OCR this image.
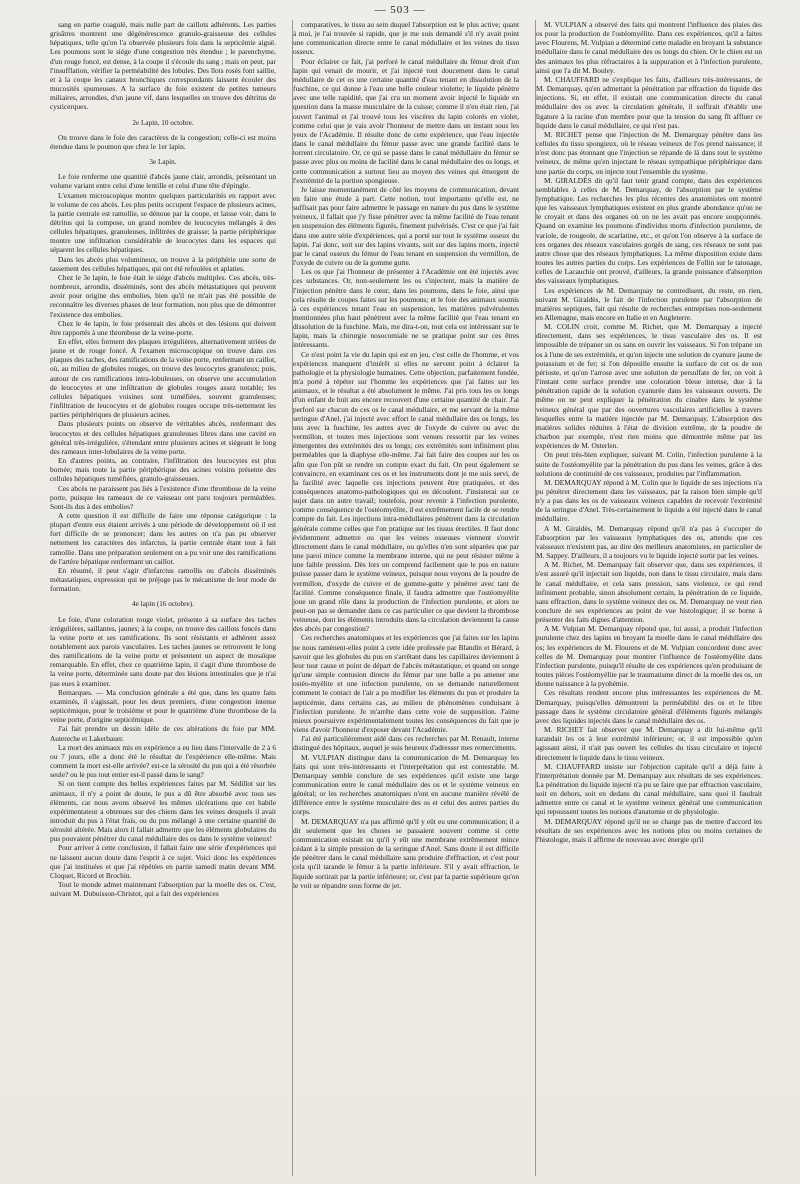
— 503 —

sang en partie coagulé, mais nulle part de caillots adhérents. Les parties grisâtres montrent une dégénérescence granulo-graisseuse des cellules hépatiques, telle qu'on l'a observée plusieurs fois dans la septicémie aiguë. Les poumons sont le siége d'une congestion très étendue ; le parenchyme, d'un rouge foncé, est dense, à la coupe il s'écoule du sang ; mais on peut, par l'insufflation, vérifier la perméabilité des lobules. Des îlots rosés font saillie, et à la coupe les canaux bronchiques correspondants laissent écouler des mucosités spumeuses. A la surface du foie existent de petites tumeurs miliaires, arrondies, d'un jaune vif, dans lesquelles on trouve des détritus de cysticerques.

2e Lapin, 10 octobre.

On trouve dans le foie des caractères de la congestion; celle-ci est moins étendue dans le poumon que chez le 1er lapin.

3e Lapin.

Le foie renferme une quantité d'abcès jaune clair, arrondis, présentant un volume variant entre celui d'une lentille et celui d'une tête d'épingle.

L'examen microscopique montre quelques particularités en rapport avec le volume de ces abcès. Les plus petits occupent l'espace de plusieurs acines, la partie centrale est ramollie, se dénoue par la coupe, et laisse voir, dans le détritus qui la compose, un grand nombre de leucocytes mélangés à des cellules hépatiques, granuleuses, infiltrées de graisse; la partie périphérique montre une infiltration considérable de leucocytes dans les espaces qui séparent les cellules hépatiques.

Dans les abcès plus volumineux, on trouve à la périphérie une sorte de tassement des cellules hépatiques, qui ont été refoulées et aplaties.

Chez le 3e lapin, le foie était le siége d'abcès multiples. Ces abcès, très-nombreux, arrondis, disséminés, sont des abcès métastatiques qui peuvent avoir pour origine des embolies, bien qu'il ne m'ait pas été possible de reconnaître les diverses phases de leur formation, non plus que de démontrer l'existence des embolies.

Chez le 4e lapin, le foie présentait des abcès et des lésions qui doivent être rapportés à une thrombose de la veine-porte.

En effet, elles forment des plaques irrégulières, alternativement striées de jaune et de rouge foncé. A l'examen microscopique on trouve dans ces plaques des taches, des ramifications de la veine porte, renfermant un caillot, où, au milieu de globules rouges, on trouve des leucocytes granuleux; puis, autour de ces ramifications intra-lobuleuses, on observe une accumulation de leucocytes et une infiltration de globules rouges assez notable; les cellules hépatiques voisines sont tuméfiées, souvent granuleuses; l'infiltration de leucocytes et de globules rouges occupe très-nettement les parties périphériques de plusieurs acines.

Dans plusieurs points on observe de véritables abcès, renfermant des leucocytes et des cellules hépatiques granuleuses libres dans une cavité en général très-irrégulière, s'étendant entre plusieurs acines et siégeant le long des rameaux inter-lobulaires de la veine porte.

En d'autres points, au contraire, l'infiltration des leucocytes est plus bornée; mais toute la partie périphérique des acines voisins présente des cellules hépatiques tuméfiées, granulo-graisseuses.

Ces abcès ne paraissent pas liés à l'existence d'une thrombose de la veine porte, puisque les rameaux de ce vaisseau ont paru toujours perméables. Sont-ils dus à des embolies?

A cette question il est difficile de faire une réponse catégorique : la plupart d'entre eux étaient arrivés à une période de développement où il est fort difficile de se prononcer; dans les autres on n'a pas pu observer nettement les caractères des infarctus, la partie centrale étant tout à fait ramollie. Dans une préparation seulement on a pu voir une des ramifications de l'artère hépatique renfermant un caillot.

En résumé, il peut s'agir d'infarctus ramollis ou d'abcès disséminés métastatiques, expression qui ne préjuge pas le mécanisme de leur mode de formation.

4e lapin (16 octobre).

Le foie, d'une coloration rouge violet, présente à sa surface des taches irrégulières, saillantes, jaunes; à la coupe, on trouve des caillots foncés dans la veine porte et ses ramifications. Ils sont résistants et adhèrent assez notablement aux parois vasculaires. Les taches jaunes se retrouvent le long des ramifications de la veine porte et présentent un aspect de mosaïque remarquable. En effet, chez ce quatrième lapin, il s'agit d'une thrombose de la veine porte, déterminée sans doute par des lésions intestinales que je n'ai pas eues à examiner.

Remarques. — Ma conclusion générale a été que, dans les quatre faits examinés, il s'agissait, pour les deux premiers, d'une congestion intense septicémique, pour le troisième et pour le quatrième d'une thrombose de la veine porte, d'origine septicémique.

J'ai fait prendre un dessin idèle de ces altérations du foie par MM. Autereche et Lakerbauer.

La mort des animaux mis en expérience a eu lieu dans l'intervalle de 2 à 6 ou 7 jours, elle a donc été le résultat de l'expérience elle-même. Mais comment la mort est-elle arrivée? est-ce la sérosité du pus qui a été résorbée seule? ou le pus tout entier est-il passé dans le sang?

Si on tient compte des belles expériences faites par M. Sédillot sur les animaux, il n'y a point de doute, le pus a dû être absorbé avec tous ses éléments, car nous avons observé les mêmes ulcérations que cet habile expérimentateur a obtenues sur des chiens dans les veines desquels il avait introduit du pus à l'état frais, ou du pus mélangé à une certaine quantité de sérosité altérée. Mais alors il fallait admettre que les éléments globulaires du pus pouvaient pénétrer du canal médullaire des os dans le système veineux!

Pour arriver à cette conclusion, il fallait faire une série d'expériences qui ne laissent aucun doute dans l'esprit à ce sujet. Voici donc les expériences que j'ai instituées et que j'ai répétées en partie samedi matin devant MM. Cloquet, Ricord et Brochin.

Tout le monde admet maintenant l'absorption par la moelle des os. C'est, suivant M. Dubuisson-Christot, qui a fait des expériences

comparatives, le tissu au sein duquel l'absorption est le plus active; quant à moi, je l'ai trouvée si rapide, que je me suis demandé s'il n'y avait point une communication directe entre le canal médullaire et les veines du tissu osseux.

Pour éclairer ce fait, j'ai perforé le canal médullaire du fémur droit d'un lapin qui venait de mourir, et j'ai injecté tout doucement dans le canal médullaire de cet os une certaine quantité d'eau tenant en dissolution de la fuschine, ce qui donne à l'eau une belle couleur violette; le liquide pénètre avec une telle rapidité, que j'ai cru un moment avoir injecté le liquide en question dans la masse musculaire de la cuisse; comme il n'en était rien, j'ai ouvert l'animal et j'ai trouvé tous les viscères du lapin colorés en violet, comme celui que je vais avoir l'honneur de mettre dans un instant sous les yeux de l'Académie. Il résulte donc de cette expérience, que l'eau injectée dans le canal médullaire du fémur passe avec une grande facilité dans le torrent circulatoire. Or, ce qui se passe dans le canal médullaire du fémur se passe avec plus ou moins de facilité dans le canal médullaire des os longs, et cette communication a surtout lieu au moyen des veines qui émergent de l'extrémité de la portion spongieuse.

Je laisse momentanément de côté les moyens de communication, devant en faire une étude à part. Cette notion, tout importante qu'elle est, ne suffisait pas pour faire admettre le passage en nature du pus dans le système veineux, il fallait que j'y fisse pénétrer avec la même facilité de l'eau tenant en suspension des éléments figurés, finement pulvérisés. C'est ce que j'ai fait dans une autre série d'expériences, qui a porté sur tout le système osseux du lapin. J'ai donc, soit sur des lapins vivants, soit sur des lapins morts, injecté par le canal osseux du fémur de l'eau tenant en suspension du vermillon, de l'oxyde de cuivre ou de la gomme gutte.

Les os que j'ai l'honneur de présenter à l'Académie ont été injectés avec ces substances. Or, non-seulement les os s'injectent, mais la matière de l'injection pénètre dans le cœur, dans les poumons, dans le foie, ainsi que cela résulte de coupes faites sur les poumons; et le foie des animaux soumis à ces expériences tenant l'eau en suspension, les matières pulvérulentes mentionnées plus haut pénètrent avec la même facilité que l'eau tenant en dissolution de la fuschine. Mais, me dira-t-on, tout cela est intéressant sur le lapin, mais la chirurgie nosocomiale ne se pratique point sur ces êtres intéressants.

Ce n'est point la vie du lapin qui est en jeu, c'est celle de l'homme, et vos expériences manquent d'intérêt si elles ne servent point à éclairer la pathologie et la physiologie humaines. Cette objection, parfaitement fondée, m'a porté à répéter sur l'homme les expériences que j'ai faites sur les animaux, et le résultat a été absolument le même. J'ai pris tous les os longs d'un enfant de huit ans encore recouvert d'une certaine quantité de chair. J'ai perforé sur chacun de ces os le canal médullaire, et me servant de la même seringue d'Anel, j'ai injecté avec effort le canal médullaire des os longs, les uns avec la fuschine, les autres avec de l'oxyde de cuivre ou avec du vermillon, et toutes mes injections sont venues ressortir par les veines émergentes des extrémités des os longs; ces extrémités sont infiniment plus perméables que la diaphyse elle-même. J'ai fait faire des coupes sur les os afin que l'on pût se rendre un compte exact du fait. On peut également se convaincre, en examinant ces os et les instruments dont je me suis servi, de la facilité avec laquelle ces injections peuvent être pratiquées, et des conséquences anatomo-pathologiques qui en découlent. J'insisterai sur ce sujet dans un autre travail; toutefois, pour revenir à l'infection purulente, comme conséquence de l'ostéomyélite, il est extrêmement facile de se rendre compte du fait. Les injections intra-médullaires pénètrent dans la circulation générale comme celles que l'on pratique sur les tissus érectiles. Il faut donc évidemment admettre ou que les veines osseuses viennent s'ouvrir directement dans le canal médullaire, ou qu'elles n'en sont séparées que par une paroi mince comme la membrane interne, qui ne peut résister même à une faible pression. Dès lors on comprend facilement que le pus en nature puisse passer dans le système veineux, puisque nous voyons de la poudre de vermillon, d'oxyde de cuivre et de gomme-gutte y pénétrer avec tant de facilité. Comme conséquence finale, il faudra admettre que l'ostéomyélite joue un grand rôle dans la production de l'infection purulente, et alors ne peut-on pas se demander dans ce cas particulier ce que devient la thrombose veineuse, dont les éléments introduits dans la circulation deviennent la cause des abcès par congestion?

Ces recherches anatomiques et les expériences que j'ai faites sur les lapins ne nous ramènent-elles point à cette idée professée par Blandin et Bérard, à savoir que les globules du pus en s'arrêtant dans les capillaires deviennent à leur tour cause et point de départ de l'abcès métastatique, et quand on songe qu'une simple contusion directe du fémur par une balle a pu amener une ostéo-myélite et une infection purulente, on se demande naturellement comment le contact de l'air a pu modifier les éléments du pus et produire la septicémie, dans certains cas, au milieu de phénomènes conduisant à l'infection purulente. Je m'arrête dans cette voie de supposition. J'aime mieux poursuivre expérimentalement toutes les conséquences du fait que je viens d'avoir l'honneur d'exposer devant l'Académie.

J'ai été particulièrement aidé dans ces recherches par M. Renault, interne distingué des hôpitaux, auquel je suis heureux d'adresser mes remerciments.

M. VULPIAN distingue dans la communication de M. Demarquay les faits qui sont très-intéressants et l'interprétation qui est contestable. M. Demarquay semble conclure de ses expériences qu'il existe une large communication entre le canal médullaire des os et le système veineux en général; or les recherches anatomiques n'ont en aucune manière révélé de différence entre le système musculaire des os et celui des autres parties du corps.

M. DEMARQUAY n'a pas affirmé qu'il y eût eu une communication; il a dit seulement que les choses se passaient souvent comme si cette communication existait ou qu'il y eût une membrane extrêmement mince cédant à la simple pression de la seringue d'Anel. Sans doute il est difficile de pénétrer dans le canal médullaire sans produire d'effraction, et c'est pour cela qu'il tarande le fémur à la partie inférieure. S'il y avait effraction, le liquide sortirait par la partie inférieure; or, c'est par la partie supérieure qu'on le voit se répandre sous forme de jet.

M. VULPIAN a observé des faits qui montrent l'influence des plaies des os pour la production de l'ostéomyélite. Dans ces expériences, qu'il a faites avec Flourens, M. Vulpian a déterminé cette maladie en broyant la substance médullaire dans le canal médullaire des os longs du chien. Or le chien est un des animaux les plus réfractaires à la suppuration et à l'infection purulente, ainsi que l'a dit M. Bouley.

M. CHAUFFARD ne s'explique les faits, d'ailleurs très-intéressants, de M. Demarquay, qu'en admettant la pénétration par effraction du liquide des injections. Si, en effet, il existait une communication directe du canal médullaire des os avec la circulation générale, il suffirait d'établir une ligature à la racine d'un membre pour que la tension du sang fît affluer ce liquide dans le canal médullaire, ce qui n'est pas.

M. RICHET pense que l'injection de M. Demarquay pénètre dans les cellules du tissu spongieux, où le réseau veineux de l'os prend naissance; il n'est donc pas étonnant que l'injection se répande de là dans tout le système veineux, de même qu'en injectant le réseau sympathique périphérique dans une partie du corps, on injecte tout l'ensemble du système.

M. GIRALDÈS dit qu'il faut tenir grand compte, dans des expériences semblables à celles de M. Demarquay, de l'absorption par le système lymphatique. Les recherches les plus récentes des anatomistes ont montré que les vaisseaux lymphatiques existent en plus grande abondance qu'on ne le croyait et dans des organes où on ne les avait pas encore soupçonnés. Quand on examine les poumons d'individus morts d'infection purulente, de variole, de rougeole, de scarlatine, etc., et qu'on l'on observe à la surface de ces organes des réseaux vasculaires gorgés de sang, ces réseaux ne sont pas autre chose que des réseaux lymphatiques. La même disposition existe dans toutes les autres parties du corps. Les expériences de Follin sur le tatouage, celles de Lacauchie ont prouvé, d'ailleurs, la grande puissance d'absorption des vaisseaux lymphatiques.

Les expériences de M. Demarquay ne contredisent, du reste, en rien, suivant M. Giraldès, le fait de l'infection purulente par l'absorption de matières septiques, fait qui résulte de recherches entreprises non-seulement en Allemagne, mais encore en Italie et en Angleterre.

M. COLIN croit, comme M. Richet, que M. Demarquay a injecté directement, dans ses expériences, le tissu vasculaire des os. Il est impossible de trépaner un os sans en ouvrir les vaisseaux. Si l'on trépane un os à l'une de ses extrémités, et qu'on injecte une solution de cyanure jaune de potassium et de fer; si l'on dépouille ensuite la surface de cet os de son périoste, et qu'on l'arrose avec une solution de persulfate de fer, on voit à l'instant cette surface prendre une coloration bleue intense, due à la pénétration rapide de la solution cyanurée dans les vaisseaux ouverts. De même on ne peut expliquer la pénétration du cinabre dans le système veineux général que par des ouvertures vasculaires artificielles à travers lesquelles entre la matière injectée par M. Demarquay. L'absorption des matières solides réduites à l'état de division extrême, de la poudre de charbon par exemple, n'est rien moins que démontrée même par les expériences de M. Osterlen.

On peut très-bien expliquer, suivant M. Colin, l'infection purulente à la suite de l'ostéomyélite par la pénétration du pus dans les veines, grâce à des solutions de continuité de ces vaisseaux, produites par l'inflammation.

M. DEMARQUAY répond à M. Colin que le liquide de ses injections n'a pu pénétrer directement dans les vaisseaux, par la raison bien simple qu'il n'y a pas dans les os de vaisseaux veineux capables de recevoir l'extrémité de la seringue d'Anel. Très-certainement le liquide a été injecté dans le canal médullaire.

A M. Giraldès, M. Demarquay répond qu'il n'a pas à s'occuper de l'absorption par les vaisseaux lymphatiques des os, attendu que ces vaisseaux n'existent pas, au dire des meilleurs anatomistes, en particulier de M. Sappey. D'ailleurs, il a toujours vu le liquide injecté sortir par les veines.

A M. Richet, M. Demarquay fait observer que, dans ses expériences, il s'est assuré qu'il injectait son liquide, non dans le tissu circulaire, mais dans le canal médullaire, et cela sans pression, sans violence, ce qui rend infiniment probable, sinon absolument certain, la pénétration de ce liquide, sans effraction, dans le système veineux des os. M. Demarquay ne veut rien conclure de ses expériences au point de vue histologique; il se borne à présenter des faits dignes d'attention.

A M. Vulpian M. Demarquay répond que, lui aussi, a produit l'infection purulente chez des lapins en broyant la moelle dans le canal médullaire des os; les expériences de M. Flourens et de M. Vulpian concordent donc avec celles de M. Demarquay pour montrer l'influence de l'ostéomyélite dans l'infection purulente, puisqu'il résulte de ces expériences qu'en produisant de toutes pièces l'ostéomyélite par le traumatisme direct de la moelle des os, on donne naissance à la pyohémie.

Ces résultats rendent encore plus intéressantes les expériences de M. Demarquay, puisqu'elles démontrent la perméabilité des os et le libre passage dans le système circulatoire général d'éléments figurés mélangés avec des liquides injectés dans le canal médullaire des os.

M. RICHET fait observer que M. Demarquay a dit lui-même qu'il tarandait les os à leur extrémité inférieure; or, il est impossible qu'en agissant ainsi, il n'ait pas ouvert les cellules du tissu circulaire et injecté directement le liquide dans le tissu veineux.

M. CHAUFFARD insiste sur l'objection capitale qu'il a déjà faite à l'interprétation donnée par M. Demarquay aux résultats de ses expériences. La pénétration du liquide injecté n'a pu se faire que par effraction vasculaire, soit en dehors, soit en dedans du canal médullaire, sans quoi il faudrait admettre entre ce canal et le système veineux général une communication qui repoussent toutes les notions d'anatomie et de physiologie.

M. DEMARQUAY répond qu'il ne se charge pas de mettre d'accord les résultats de ses expériences avec les notions plus ou moins certaines de l'histologie, mais il affirme de nouveau avec énergie qu'il
